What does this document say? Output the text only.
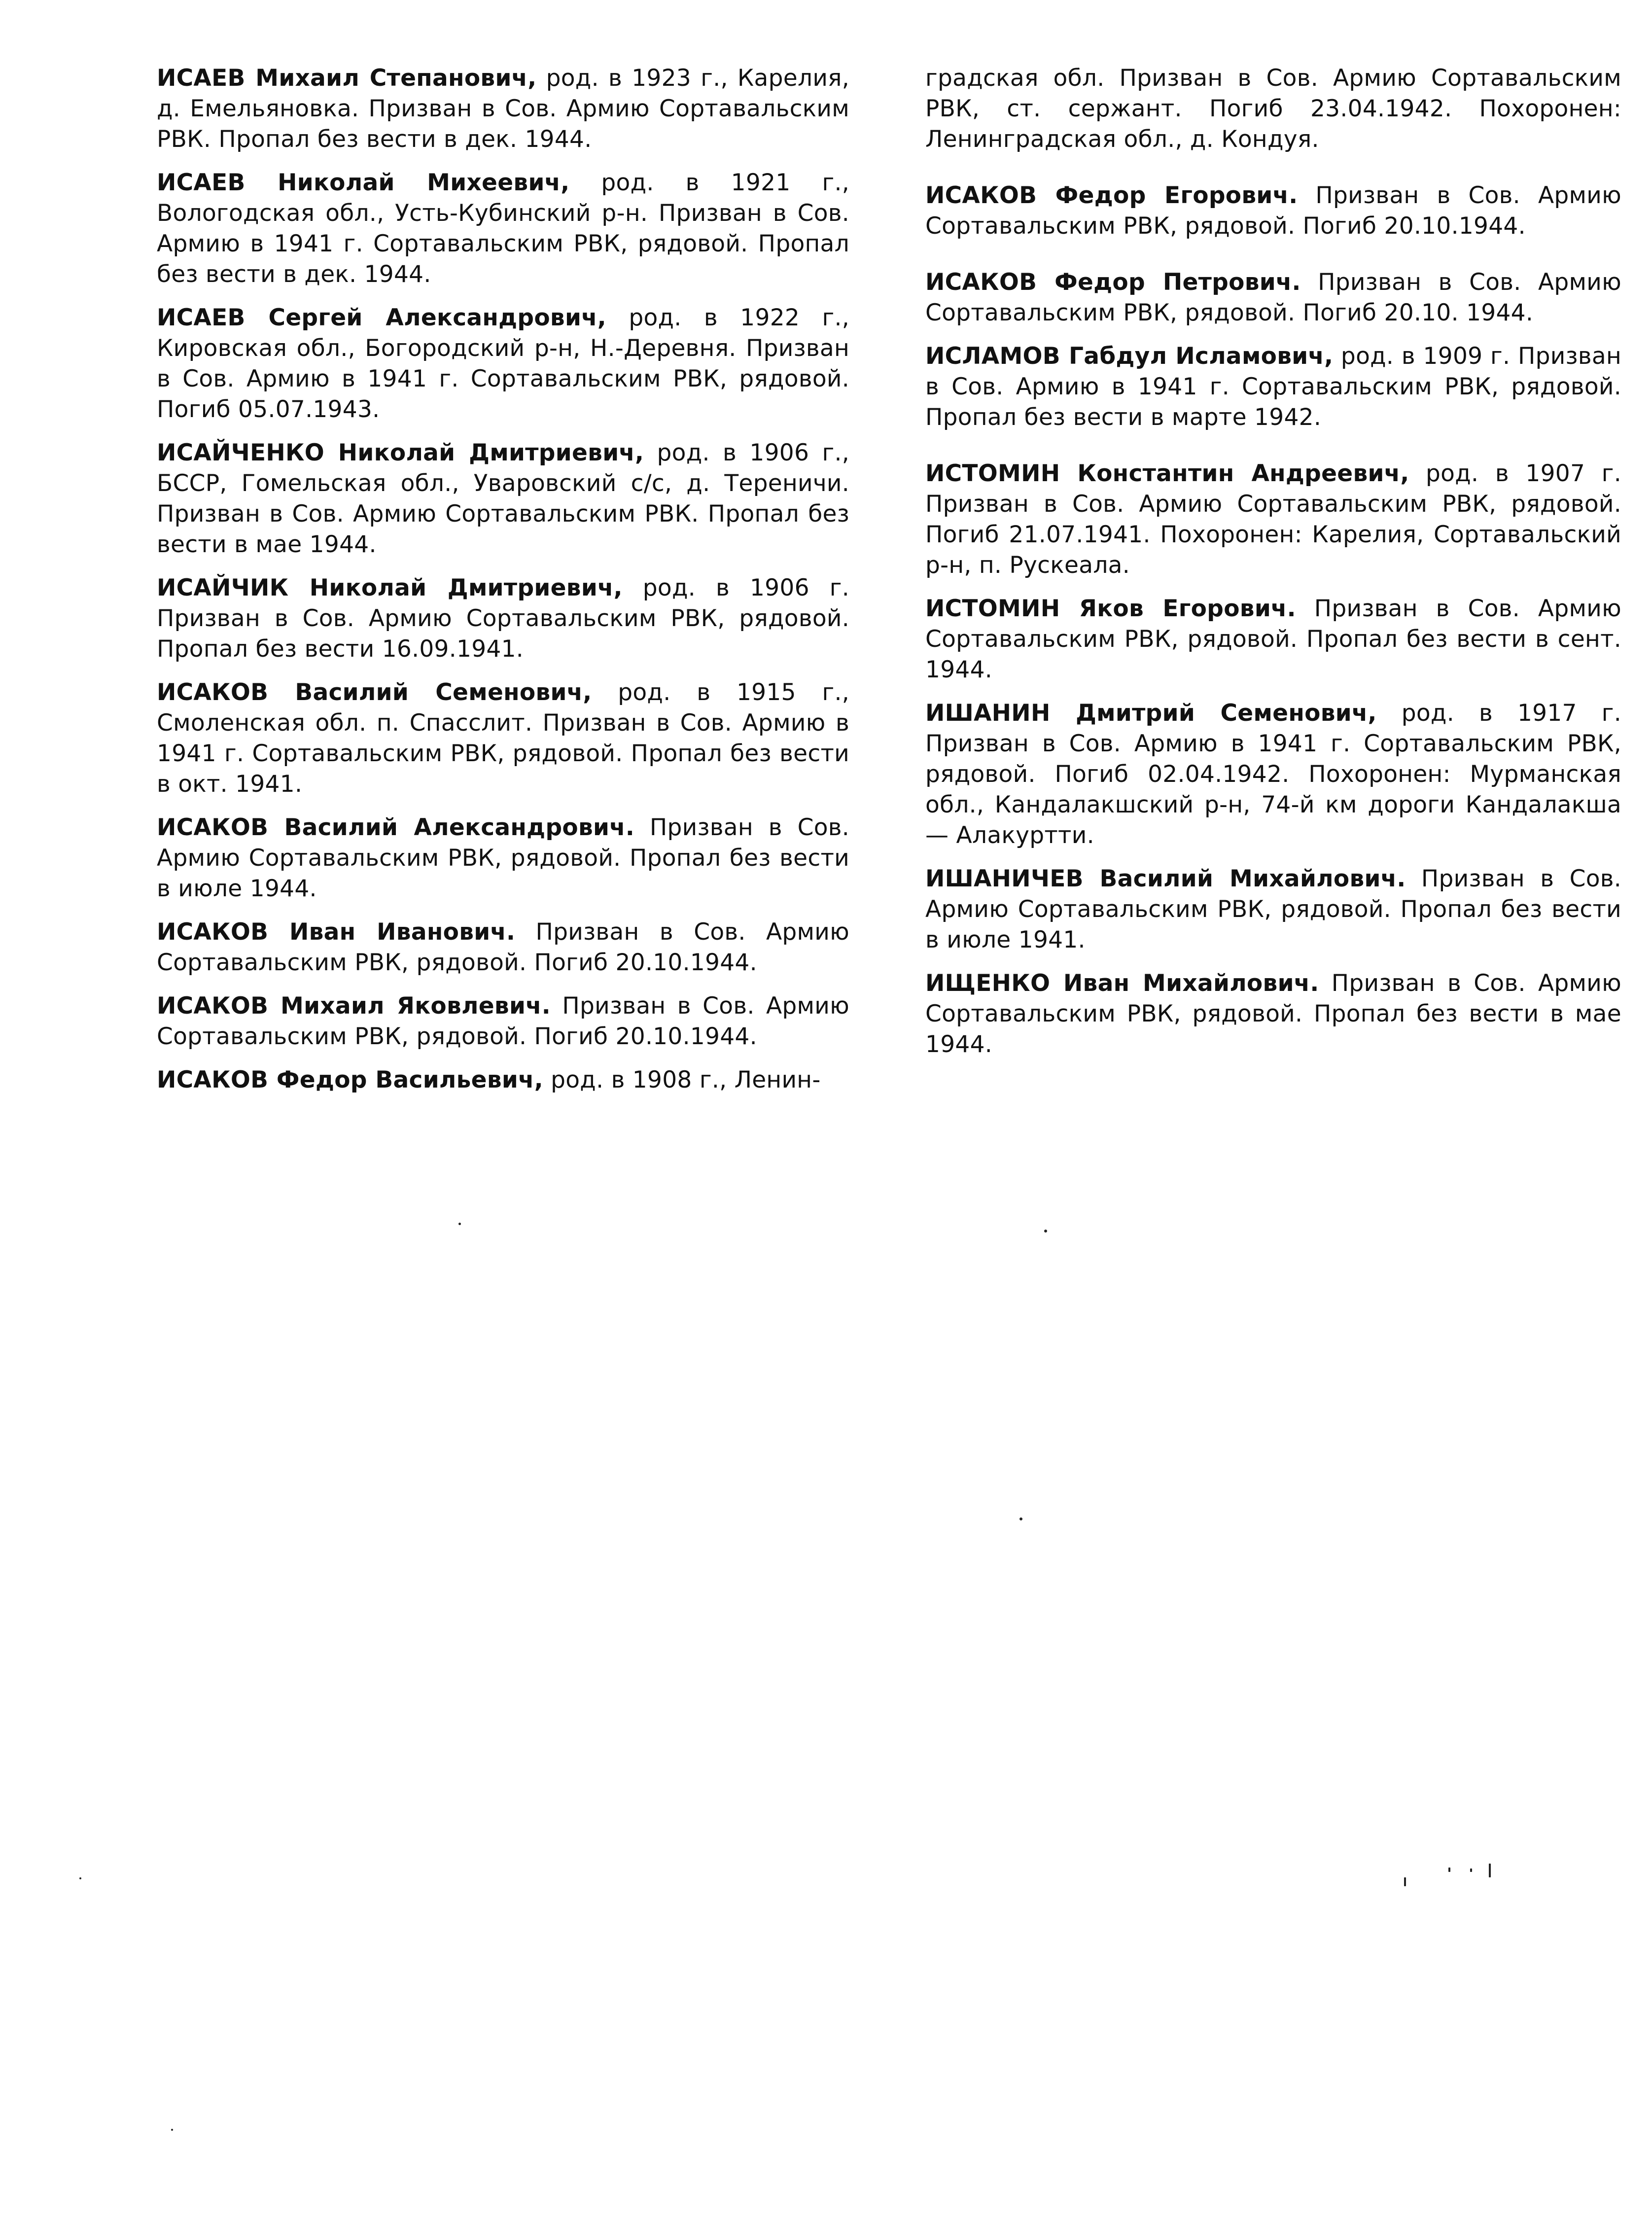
ИСАЕВ Михаил Степанович, род. в 1923 г., Карелия, д. Емельяновка. Призван в Сов. Армию Сортавальским РВК. Пропал без вести в дек. 1944.

ИСАЕВ Николай Михеевич, род. в 1921 г., Вологодская обл., Усть-Кубинский р-н. Призван в Сов. Армию в 1941 г. Сортавальским РВК, рядовой. Пропал без вести в дек. 1944.

ИСАЕВ Сергей Александрович, род. в 1922 г., Кировская обл., Богородский р-н, Н.-Деревня. Призван в Сов. Армию в 1941 г. Сортавальским РВК, рядовой. Погиб 05.07.1943.

ИСАЙЧЕНКО Николай Дмитриевич, род. в 1906 г., БССР, Гомельская обл., Уваровский с/с, д. Тереничи. Призван в Сов. Армию Сортавальским РВК. Пропал без вести в мае 1944.

ИСАЙЧИК Николай Дмитриевич, род. в 1906 г. Призван в Сов. Армию Сортавальским РВК, рядовой. Пропал без вести 16.09.1941.

ИСАКОВ Василий Семенович, род. в 1915 г., Смоленская обл. п. Спасслит. Призван в Сов. Армию в 1941 г. Сортавальским РВК, рядовой. Пропал без вести в окт. 1941.

ИСАКОВ Василий Александрович. Призван в Сов. Армию Сортавальским РВК, рядовой. Пропал без вести в июле 1944.

ИСАКОВ Иван Иванович. Призван в Сов. Армию Сортавальским РВК, рядовой. Погиб 20.10.1944.

ИСАКОВ Михаил Яковлевич. Призван в Сов. Армию Сортавальским РВК, рядовой. Погиб 20.10.1944.

ИСАКОВ Федор Васильевич, род. в 1908 г., Ленин-

градская обл. Призван в Сов. Армию Сортавальским РВК, ст. сержант. Погиб 23.04.1942. Похоронен: Ленинградская обл., д. Кондуя.

ИСАКОВ Федор Егорович. Призван в Сов. Армию Сортавальским РВК, рядовой. Погиб 20.10.1944.

ИСАКОВ Федор Петрович. Призван в Сов. Армию Сортавальским РВК, рядовой. Погиб 20.10. 1944.

ИСЛАМОВ Габдул Исламович, род. в 1909 г. Призван в Сов. Армию в 1941 г. Сортавальским РВК, рядовой. Пропал без вести в марте 1942.

ИСТОМИН Константин Андреевич, род. в 1907 г. Призван в Сов. Армию Сортавальским РВК, рядовой. Погиб 21.07.1941. Похоронен: Карелия, Сортавальский р-н, п. Рускеала.

ИСТОМИН Яков Егорович. Призван в Сов. Армию Сортавальским РВК, рядовой. Пропал без вести в сент. 1944.

ИШАНИН Дмитрий Семенович, род. в 1917 г. Призван в Сов. Армию в 1941 г. Сортавальским РВК, рядовой. Погиб 02.04.1942. Похоронен: Мурманская обл., Кандалакшский р-н, 74-й км дороги Кандалакша — Алакуртти.

ИШАНИЧЕВ Василий Михайлович. Призван в Сов. Армию Сортавальским РВК, рядовой. Пропал без вести в июле 1941.

ИЩЕНКО Иван Михайлович. Призван в Сов. Армию Сортавальским РВК, рядовой. Пропал без вести в мае 1944.
